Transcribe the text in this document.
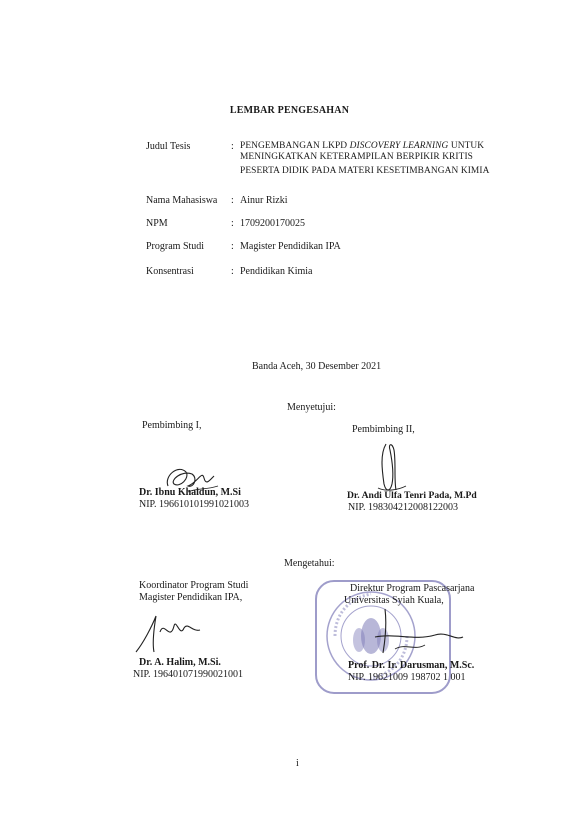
LEMBAR PENGESAHAN
Judul Tesis	: PENGEMBANGAN LKPD DISCOVERY LEARNING UNTUK
MENINGKATKAN KETERAMPILAN BERPIKIR KRITIS
PESERTA DIDIK PADA MATERI KESETIMBANGAN KIMIA
Nama Mahasiswa : Ainur Rizki
NPM	: 1709200170025
Program Studi	: Magister Pendidikan IPA
Konsentrasi	: Pendidikan Kimia
Banda Aceh, 30 Desember 2021
Menyetujui:
Pembimbing I,	Pembimbing II,
Dr. Ibnu Khaldun, M.Si
NIP. 196610101991021003
Dr. Andi Ulfa Tenri Pada, M.Pd
NIP. 198304212008122003
Mengetahui:
Koordinator Program Studi
Magister Pendidikan IPA,
Direktur Program Pascasarjana
Universitas Syiah Kuala,
Dr. A. Halim, M.Si.
NIP. 196401071990021001
Prof. Dr. Ir. Darusman, M.Sc.
NIP. 19621009 198702 1 001
i
